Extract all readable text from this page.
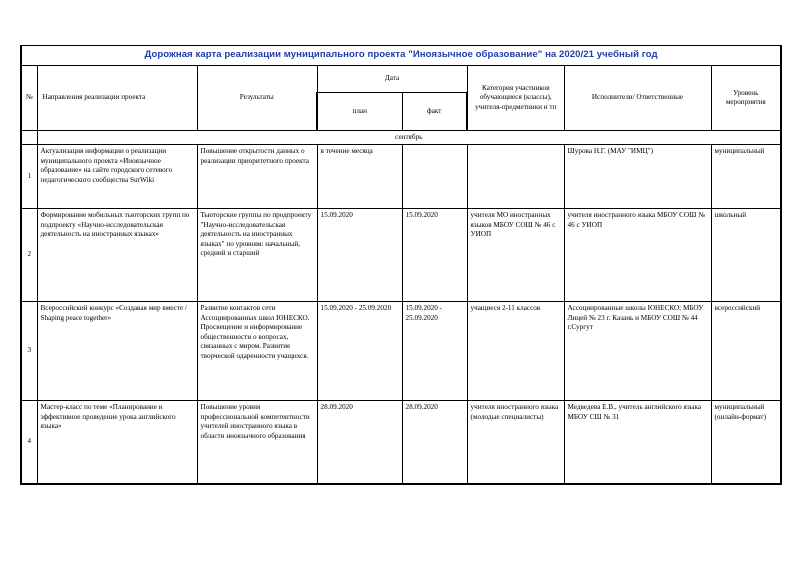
Дорожная карта реализации муниципального проекта "Иноязычное образование" на 2020/21 учебный год							
№	Направления реализации проекта	Результаты	Дата		Категория участников обучающиеся (классы), учителя-предметники и тп	Исполнители/ Ответственные	Уровень мероприятия
			план	факт			
	сентябрь						
1	Актуализация информации о реализации муниципального проекта «Иноязычное образование» на сайте городского сетевого педагогического сообщества SurWiki	Повышение открытости данных о реализации приоритетного проекта	в течение месяца			Шурова Н.Г. (МАУ "ИМЦ")	муниципальный
2	Формирование мобильных тьюторских групп по подпроекту «Научно-исследовательская деятельность на иностранных языках»	Тьюторские группы по продпроекту "Научно-исследовательская деятельность на иностранных языках" по уровням: начальный, средний и старший	15.09.2020	15.09.2020	учителя МО иностранных языков МБОУ СОШ № 46 с УИОП	учителя иностранного языка МБОУ СОШ № 46 с УИОП	школьный
3	Всероссийский конкурс «Создавая мир вместе / Shaping peace together»	Развитие контактов сети Ассоциированных школ ЮНЕСКО. Просвещение и информирование общественности о вопросах, связанных с миром. Развитие творческой одаренности учащихся.	15.09.2020 - 25.09.2020	15.09.2020 - 25.09.2020	учащиеся 2-11 классов	Ассоциированные школы ЮНЕСКО: МБОУ Лицей № 23 г. Казань и МБОУ СОШ № 44 г.Сургут	всероссийский
4	Мастер-класс по теме «Планирование и эффективное проведение урока английского языка»	Повышение уровня профессиональной компетентности учителей иностранного языка в области иноязычного образования	28.09.2020	28.09.2020	учителя иностранного языка (молодые специалисты)	Медведева Е.В., учитель английского языка МБОУ СШ № 31	муниципальный (онлайн-формат)
